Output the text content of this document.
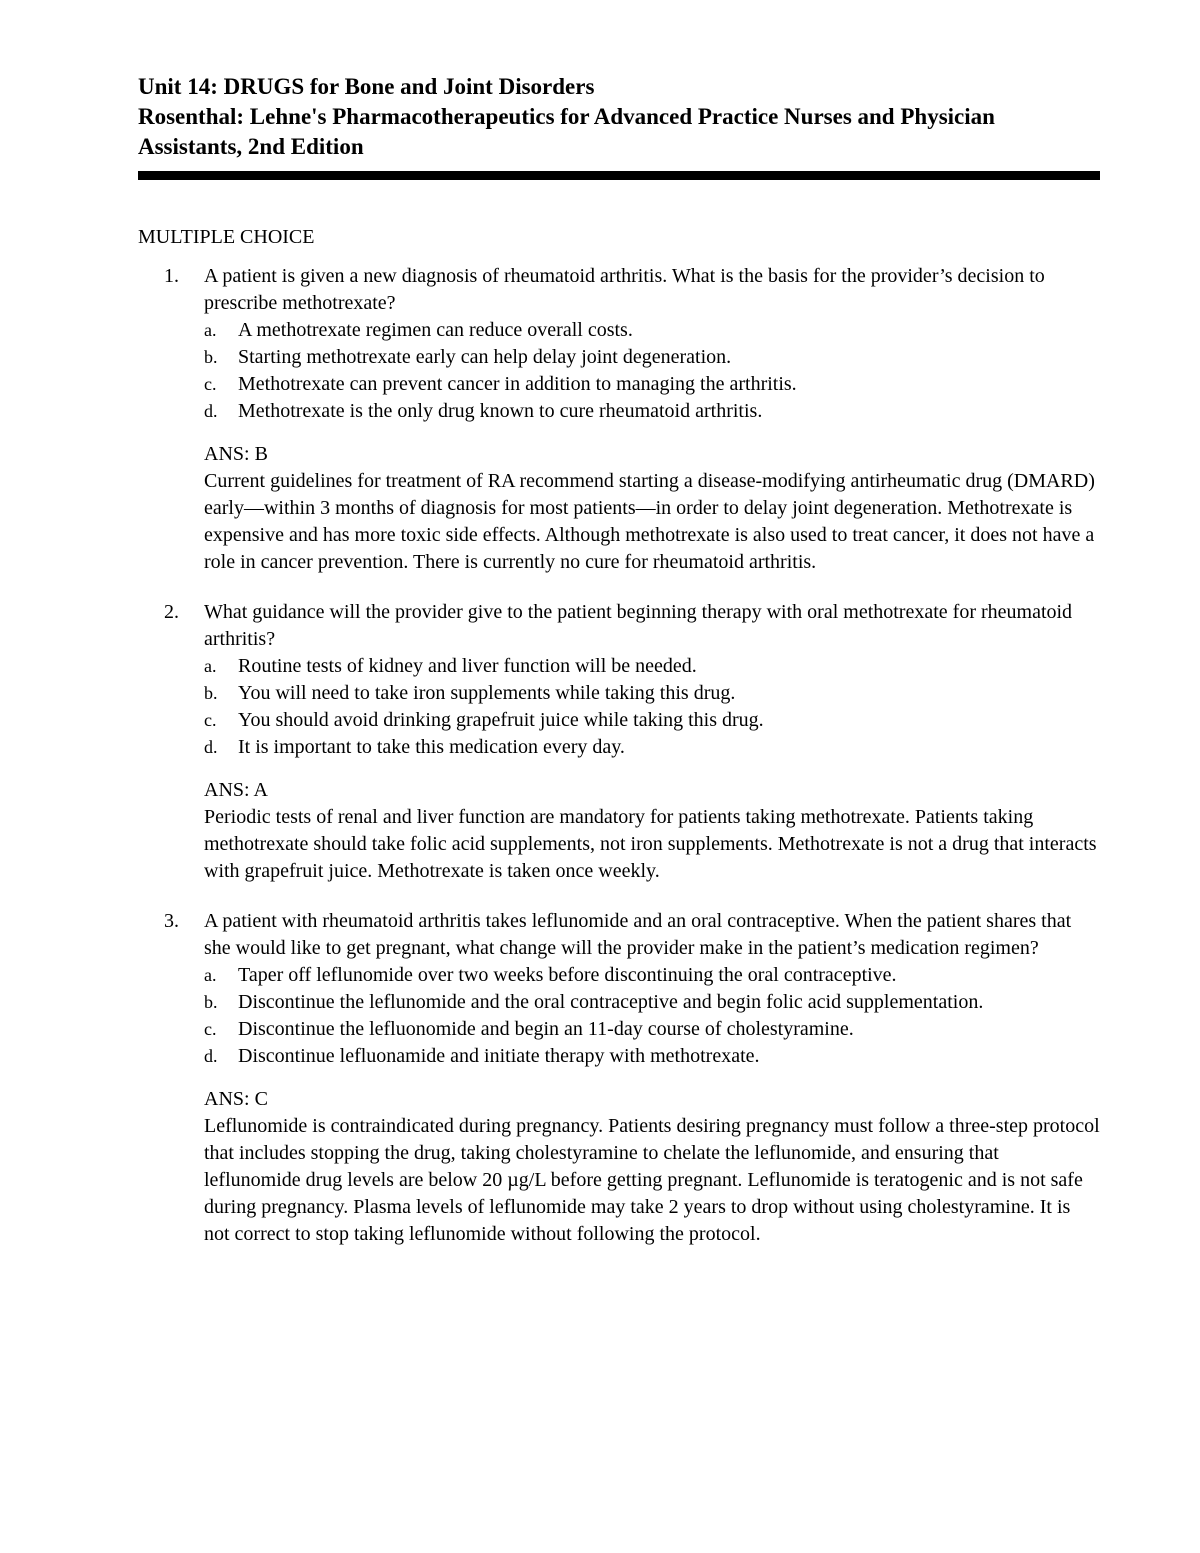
Unit 14: DRUGS for Bone and Joint Disorders

Rosenthal: Lehne's Pharmacotherapeutics for Advanced Practice Nurses and Physician

Assistants, 2nd Edition

MULTIPLE CHOICE
1. A patient is given a new diagnosis of rheumatoid arthritis. What is the basis for the provider’s decision to prescribe methotrexate?
a. A methotrexate regimen can reduce overall costs.
b. Starting methotrexate early can help delay joint degeneration.
c. Methotrexate can prevent cancer in addition to managing the arthritis.
d. Methotrexate is the only drug known to cure rheumatoid arthritis.
ANS: B

Current guidelines for treatment of RA recommend starting a disease-modifying antirheumatic drug (DMARD) early—within 3 months of diagnosis for most patients—in order to delay joint degeneration. Methotrexate is expensive and has more toxic side effects. Although methotrexate is also used to treat cancer, it does not have a role in cancer prevention. There is currently no cure for rheumatoid arthritis.

2. What guidance will the provider give to the patient beginning therapy with oral methotrexate for rheumatoid arthritis?
a. Routine tests of kidney and liver function will be needed.
b. You will need to take iron supplements while taking this drug.
c. You should avoid drinking grapefruit juice while taking this drug.
d. It is important to take this medication every day.
ANS: A

Periodic tests of renal and liver function are mandatory for patients taking methotrexate. Patients taking methotrexate should take folic acid supplements, not iron supplements. Methotrexate is not a drug that interacts with grapefruit juice. Methotrexate is taken once weekly.

3. A patient with rheumatoid arthritis takes leflunomide and an oral contraceptive. When the patient shares that she would like to get pregnant, what change will the provider make in the patient’s medication regimen?
a. Taper off leflunomide over two weeks before discontinuing the oral contraceptive.
b. Discontinue the leflunomide and the oral contraceptive and begin folic acid supplementation.
c. Discontinue the lefluonomide and begin an 11-day course of cholestyramine.
d. Discontinue lefluonamide and initiate therapy with methotrexate.
ANS: C

Leflunomide is contraindicated during pregnancy. Patients desiring pregnancy must follow a three-step protocol that includes stopping the drug, taking cholestyramine to chelate the leflunomide, and ensuring that leflunomide drug levels are below 20 µg/L before getting pregnant. Leflunomide is teratogenic and is not safe during pregnancy. Plasma levels of leflunomide may take 2 years to drop without using cholestyramine. It is not correct to stop taking leflunomide without following the protocol.
